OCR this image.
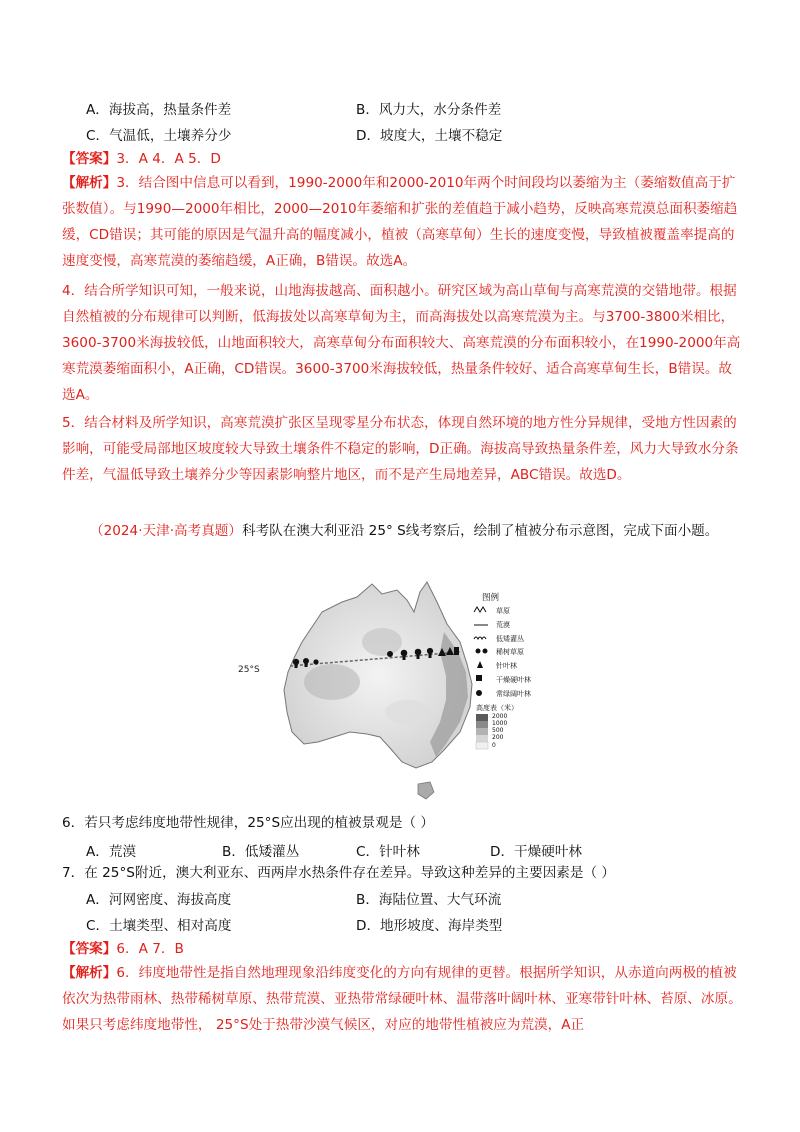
A．海拔高，热量条件差	B．风力大，水分条件差
C．气温低，土壤养分少	D．坡度大，土壤不稳定
【答案】3．A 4．A 5．D
【解析】3．结合图中信息可以看到，1990-2000年和2000-2010年两个时间段均以萎缩为主（萎缩数值高于扩张数值）。与1990—2000年相比，2000—2010年萎缩和扩张的差值趋于减小趋势，反映高寒荒漠总面积萎缩趋缓，CD错误；其可能的原因是气温升高的幅度减小，植被（高寒草甸）生长的速度变慢，导致植被覆盖率提高的速度变慢，高寒荒漠的萎缩趋缓，A正确，B错误。故选A。
4．结合所学知识可知，一般来说，山地海拔越高、面积越小。研究区域为高山草甸与高寒荒漠的交错地带。根据自然植被的分布规律可以判断，低海拔处以高寒草甸为主，而高海拔处以高寒荒漠为主。与3700-3800米相比，3600-3700米海拔较低，山地面积较大，高寒草甸分布面积较大、高寒荒漠的分布面积较小，在1990-2000年高寒荒漠萎缩面积小，A正确，CD错误。3600-3700米海拔较低，热量条件较好、适合高寒草甸生长，B错误。故选A。
5．结合材料及所学知识，高寒荒漠扩张区呈现零星分布状态，体现自然环境的地方性分异规律，受地方性因素的影响，可能受局部地区坡度较大导致土壤条件不稳定的影响，D正确。海拔高导致热量条件差，风力大导致水分条件差，气温低导致土壤养分少等因素影响整片地区，而不是产生局地差异，ABC错误。故选D。
（2024·天津·高考真题）科考队在澳大利亚沿 25° S线考察后，绘制了植被分布示意图，完成下面小题。
25°S
图例
草原
荒漠
低矮灌丛
稀树草原
针叶林
干燥硬叶林
常绿阔叶林
高度表（米）
2000
1000
500
200
0
6．若只考虑纬度地带性规律，25°S应出现的植被景观是（ ）
A．荒漠	B．低矮灌丛	C．针叶林	D．干燥硬叶林
7．在 25°S附近，澳大利亚东、西两岸水热条件存在差异。导致这种差异的主要因素是（ ）
A．河网密度、海拔高度	B．海陆位置、大气环流
C．土壤类型、相对高度	D．地形坡度、海岸类型
【答案】6．A 7．B
【解析】6．纬度地带性是指自然地理现象沿纬度变化的方向有规律的更替。根据所学知识，从赤道向两极的植被依次为热带雨林、热带稀树草原、热带荒漠、亚热带常绿硬叶林、温带落叶阔叶林、亚寒带针叶林、苔原、冰原。如果只考虑纬度地带性， 25°S处于热带沙漠气候区，对应的地带性植被应为荒漠，A正
